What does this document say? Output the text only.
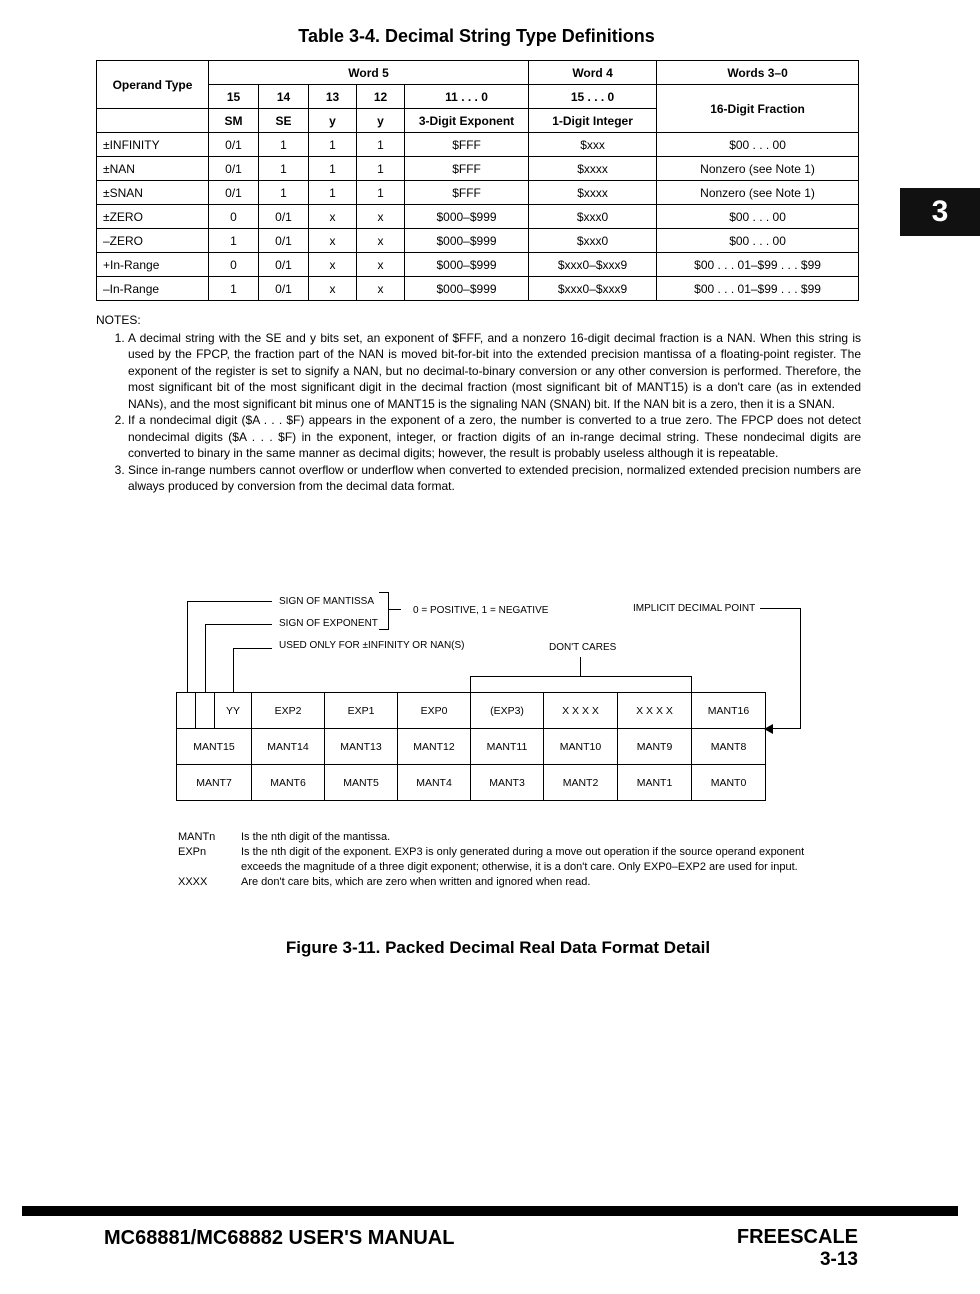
Table 3-4. Decimal String Type Definitions
Operand Type	Word 5					Word 4	Words 3–0
	15	14	13	12	11 . . . 0	15 . . . 0	16-Digit Fraction
	SM	SE	y	y	3-Digit Exponent	1-Digit Integer	
±INFINITY	0/1	1	1	1	$FFF	$xxx	$00 . . . 00
±NAN	0/1	1	1	1	$FFF	$xxxx	Nonzero (see Note 1)
±SNAN	0/1	1	1	1	$FFF	$xxxx	Nonzero (see Note 1)
±ZERO	0	0/1	x	x	$000–$999	$xxx0	$00 . . . 00
–ZERO	1	0/1	x	x	$000–$999	$xxx0	$00 . . . 00
+In-Range	0	0/1	x	x	$000–$999	$xxx0–$xxx9	$00 . . . 01–$99 . . . $99
–In-Range	1	0/1	x	x	$000–$999	$xxx0–$xxx9	$00 . . . 01–$99 . . . $99
3
NOTES:
1. A decimal string with the SE and y bits set, an exponent of $FFF, and a nonzero 16-digit decimal fraction is a NAN. When this string is used by the FPCP, the fraction part of the NAN is moved bit-for-bit into the extended precision mantissa of a floating-point register. The exponent of the register is set to signify a NAN, but no decimal-to-binary conversion or any other conversion is performed. Therefore, the most significant bit of the most significant digit in the decimal fraction (most significant bit of MANT15) is a don't care (as in extended NANs), and the most significant bit minus one of MANT15 is the signaling NAN (SNAN) bit. If the NAN bit is a zero, then it is a SNAN.
2. If a nondecimal digit ($A . . . $F) appears in the exponent of a zero, the number is converted to a true zero. The FPCP does not detect nondecimal digits ($A . . . $F) in the exponent, integer, or fraction digits of an in-range decimal string. These nondecimal digits are converted to binary in the same manner as decimal digits; however, the result is probably useless although it is repeatable.
3. Since in-range numbers cannot overflow or underflow when converted to extended precision, normalized extended precision numbers are always produced by conversion from the decimal data format.
SIGN OF MANTISSA
SIGN OF EXPONENT
USED ONLY FOR ±INFINITY OR NAN(S)
0 = POSITIVE, 1 = NEGATIVE	IMPLICIT DECIMAL POINT
DON'T CARES
		YY	EXP2	EXP1	EXP0	(EXP3)	X X X X	X X X X	MANT16
MANT15			MANT14	MANT13	MANT12	MANT11	MANT10	MANT9	MANT8
MANT7			MANT6	MANT5	MANT4	MANT3	MANT2	MANT1	MANT0
MANTn	Is the nth digit of the mantissa.
EXPn	Is the nth digit of the exponent. EXP3 is only generated during a move out operation if the source operand exponent exceeds the magnitude of a three digit exponent; otherwise, it is a don't care. Only EXP0–EXP2 are used for input.
XXXX	Are don't care bits, which are zero when written and ignored when read.
Figure 3-11. Packed Decimal Real Data Format Detail
MC68881/MC68882 USER'S MANUAL	FREESCALE
3-13
